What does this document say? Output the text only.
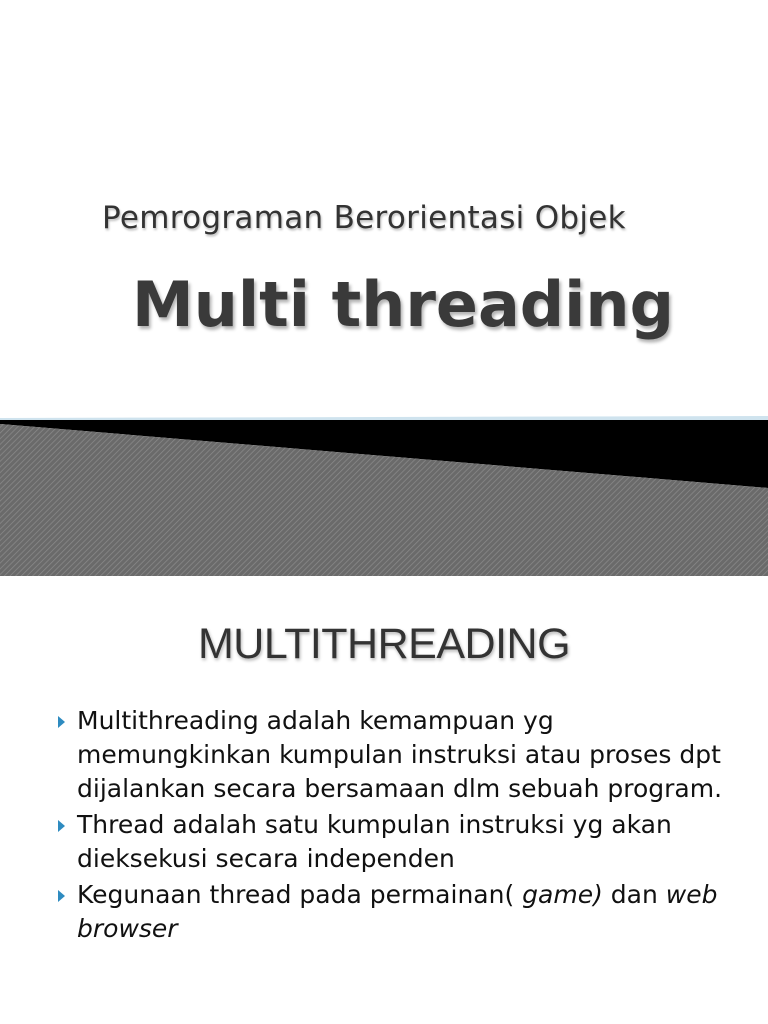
Pemrograman Berorientasi Objek
Multi threading
MULTITHREADING
Multithreading adalah kemampuan yg memungkinkan kumpulan instruksi atau proses dpt dijalankan secara bersamaan dlm sebuah program.
Thread adalah satu kumpulan instruksi yg akan dieksekusi secara independen
Kegunaan thread pada permainan( game) dan web browser
